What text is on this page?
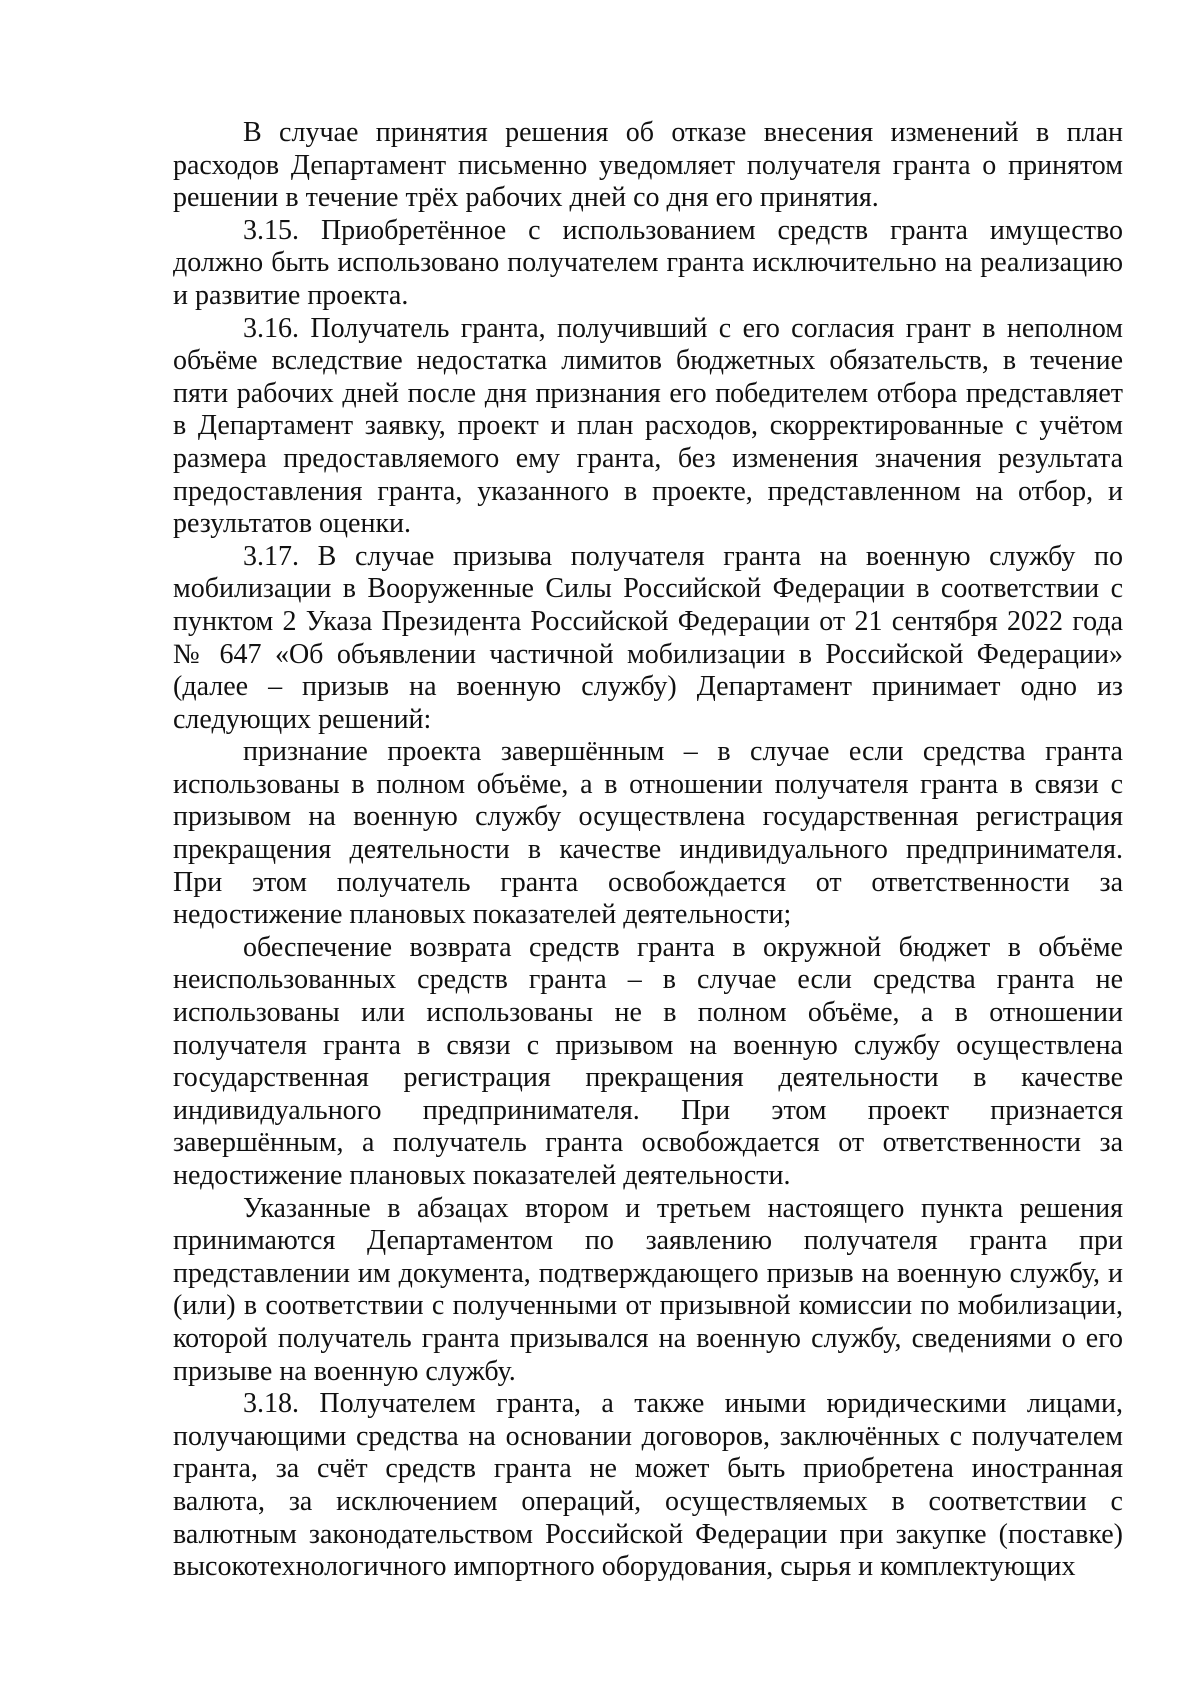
В случае принятия решения об отказе внесения изменений в план расходов Департамент письменно уведомляет получателя гранта о принятом решении в течение трёх рабочих дней со дня его принятия.

3.15. Приобретённое с использованием средств гранта имущество должно быть использовано получателем гранта исключительно на реализацию и развитие проекта.

3.16. Получатель гранта, получивший с его согласия грант в неполном объёме вследствие недостатка лимитов бюджетных обязательств, в течение пяти рабочих дней после дня признания его победителем отбора представляет в Департамент заявку, проект и план расходов, скорректированные с учётом размера предоставляемого ему гранта, без изменения значения результата предоставления гранта, указанного в проекте, представленном на отбор, и результатов оценки.

3.17. В случае призыва получателя гранта на военную службу по мобилизации в Вооруженные Силы Российской Федерации в соответствии с пунктом 2 Указа Президента Российской Федерации от 21 сентября 2022 года № 647 «Об объявлении частичной мобилизации в Российской Федерации» (далее – призыв на военную службу) Департамент принимает одно из следующих решений:

признание проекта завершённым – в случае если средства гранта использованы в полном объёме, а в отношении получателя гранта в связи с призывом на военную службу осуществлена государственная регистрация прекращения деятельности в качестве индивидуального предпринимателя. При этом получатель гранта освобождается от ответственности за недостижение плановых показателей деятельности;

обеспечение возврата средств гранта в окружной бюджет в объёме неиспользованных средств гранта – в случае если средства гранта не использованы или использованы не в полном объёме, а в отношении получателя гранта в связи с призывом на военную службу осуществлена государственная регистрация прекращения деятельности в качестве индивидуального предпринимателя. При этом проект признается завершённым, а получатель гранта освобождается от ответственности за недостижение плановых показателей деятельности.

Указанные в абзацах втором и третьем настоящего пункта решения принимаются Департаментом по заявлению получателя гранта при представлении им документа, подтверждающего призыв на военную службу, и (или) в соответствии с полученными от призывной комиссии по мобилизации, которой получатель гранта призывался на военную службу, сведениями о его призыве на военную службу.

3.18. Получателем гранта, а также иными юридическими лицами, получающими средства на основании договоров, заключённых с получателем гранта, за счёт средств гранта не может быть приобретена иностранная валюта, за исключением операций, осуществляемых в соответствии с валютным законодательством Российской Федерации при закупке (поставке) высокотехнологичного импортного оборудования, сырья и комплектующих
